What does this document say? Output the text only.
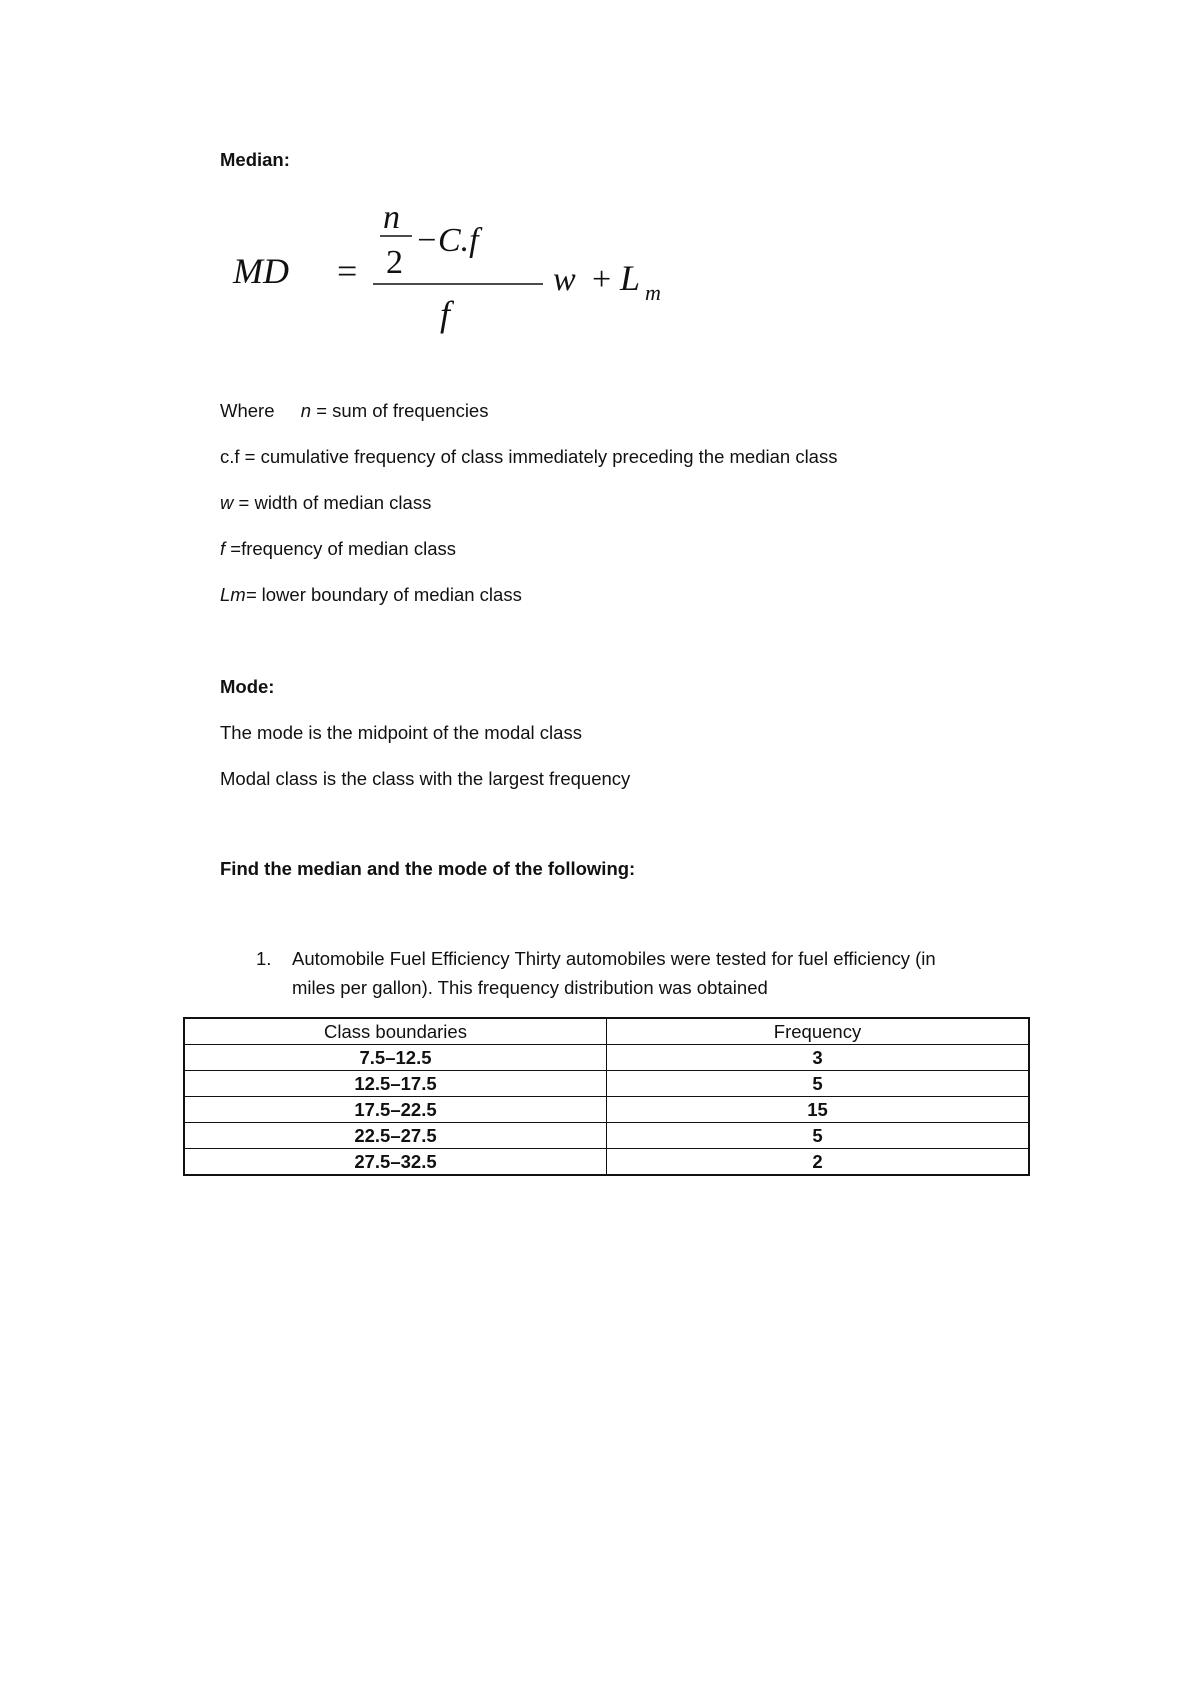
Median:
n
2
−C.f
MD =
f
w + L m
Where n = sum of frequencies
c.f = cumulative frequency of class immediately preceding the median class
w = width of median class
f =frequency of median class
Lm= lower boundary of median class
Mode:
The mode is the midpoint of the modal class
Modal class is the class with the largest frequency
Find the median and the mode of the following:
1. Automobile Fuel Efficiency Thirty automobiles were tested for fuel efficiency (in
miles per gallon). This frequency distribution was obtained
Class boundaries	Frequency
7.5–12.5	3
12.5–17.5	5
17.5–22.5	15
22.5–27.5	5
27.5–32.5	2
